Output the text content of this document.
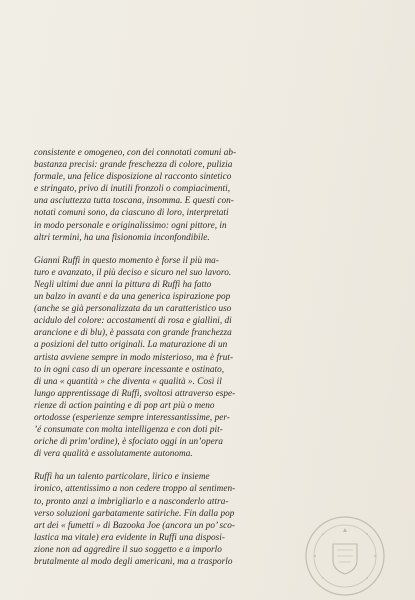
consistente e omogeneo, con dei connotati comuni ab-
bastanza precisi: grande freschezza di colore, pulizia
formale, una felice disposizione al racconto sintetico
e stringato, privo di inutili fronzoli o compiacimenti,
una asciuttezza tutta toscana, insomma. E questi con-
notati comuni sono, da ciascuno di loro, interpretati
in modo personale e originalissimo: ogni pittore, in
altri termini, ha una fisionomia inconfondibile.

Gianni Ruffi in questo momento è forse il più ma-
turo e avanzato, il più deciso e sicuro nel suo lavoro.
Negli ultimi due anni la pittura di Ruffi ha fatto
un balzo in avanti e da una generica ispirazione pop
(anche se già personalizzata da un caratteristico uso
acidulo del colore: accostamenti di rosa e giallini, di
arancione e di blu), è passata con grande franchezza
a posizioni del tutto originali. La maturazione di un
artista avviene sempre in modo misterioso, ma è frut-
to in ogni caso di un operare incessante e ostinato,
di una « quantità » che diventa « qualità ». Così il
lungo apprentissage di Ruffi, svoltosi attraverso espe-
rienze di action painting e di pop art più o meno
ortodosse (esperienze sempre interessantissime, per-
’é consumate con molta intelligenza e con doti pit-
oriche di prim’ordine), è sfociato oggi in un’opera
di vera qualità e assolutamente autonoma.

Ruffi ha un talento particolare, lirico e insieme
ironico, attentissimo a non cedere troppo al sentimen-
to, pronto anzi a imbrigliarlo e a nasconderlo attra-
verso soluzioni garbatamente satiriche. Fin dalla pop
art dei « fumetti » di Bazooka Joe (ancora un po’ sco-
lastica ma vitale) era evidente in Ruffi una disposi-
zione non ad aggredire il suo soggetto e a imporlo
brutalmente al modo degli americani, ma a trasporlo
